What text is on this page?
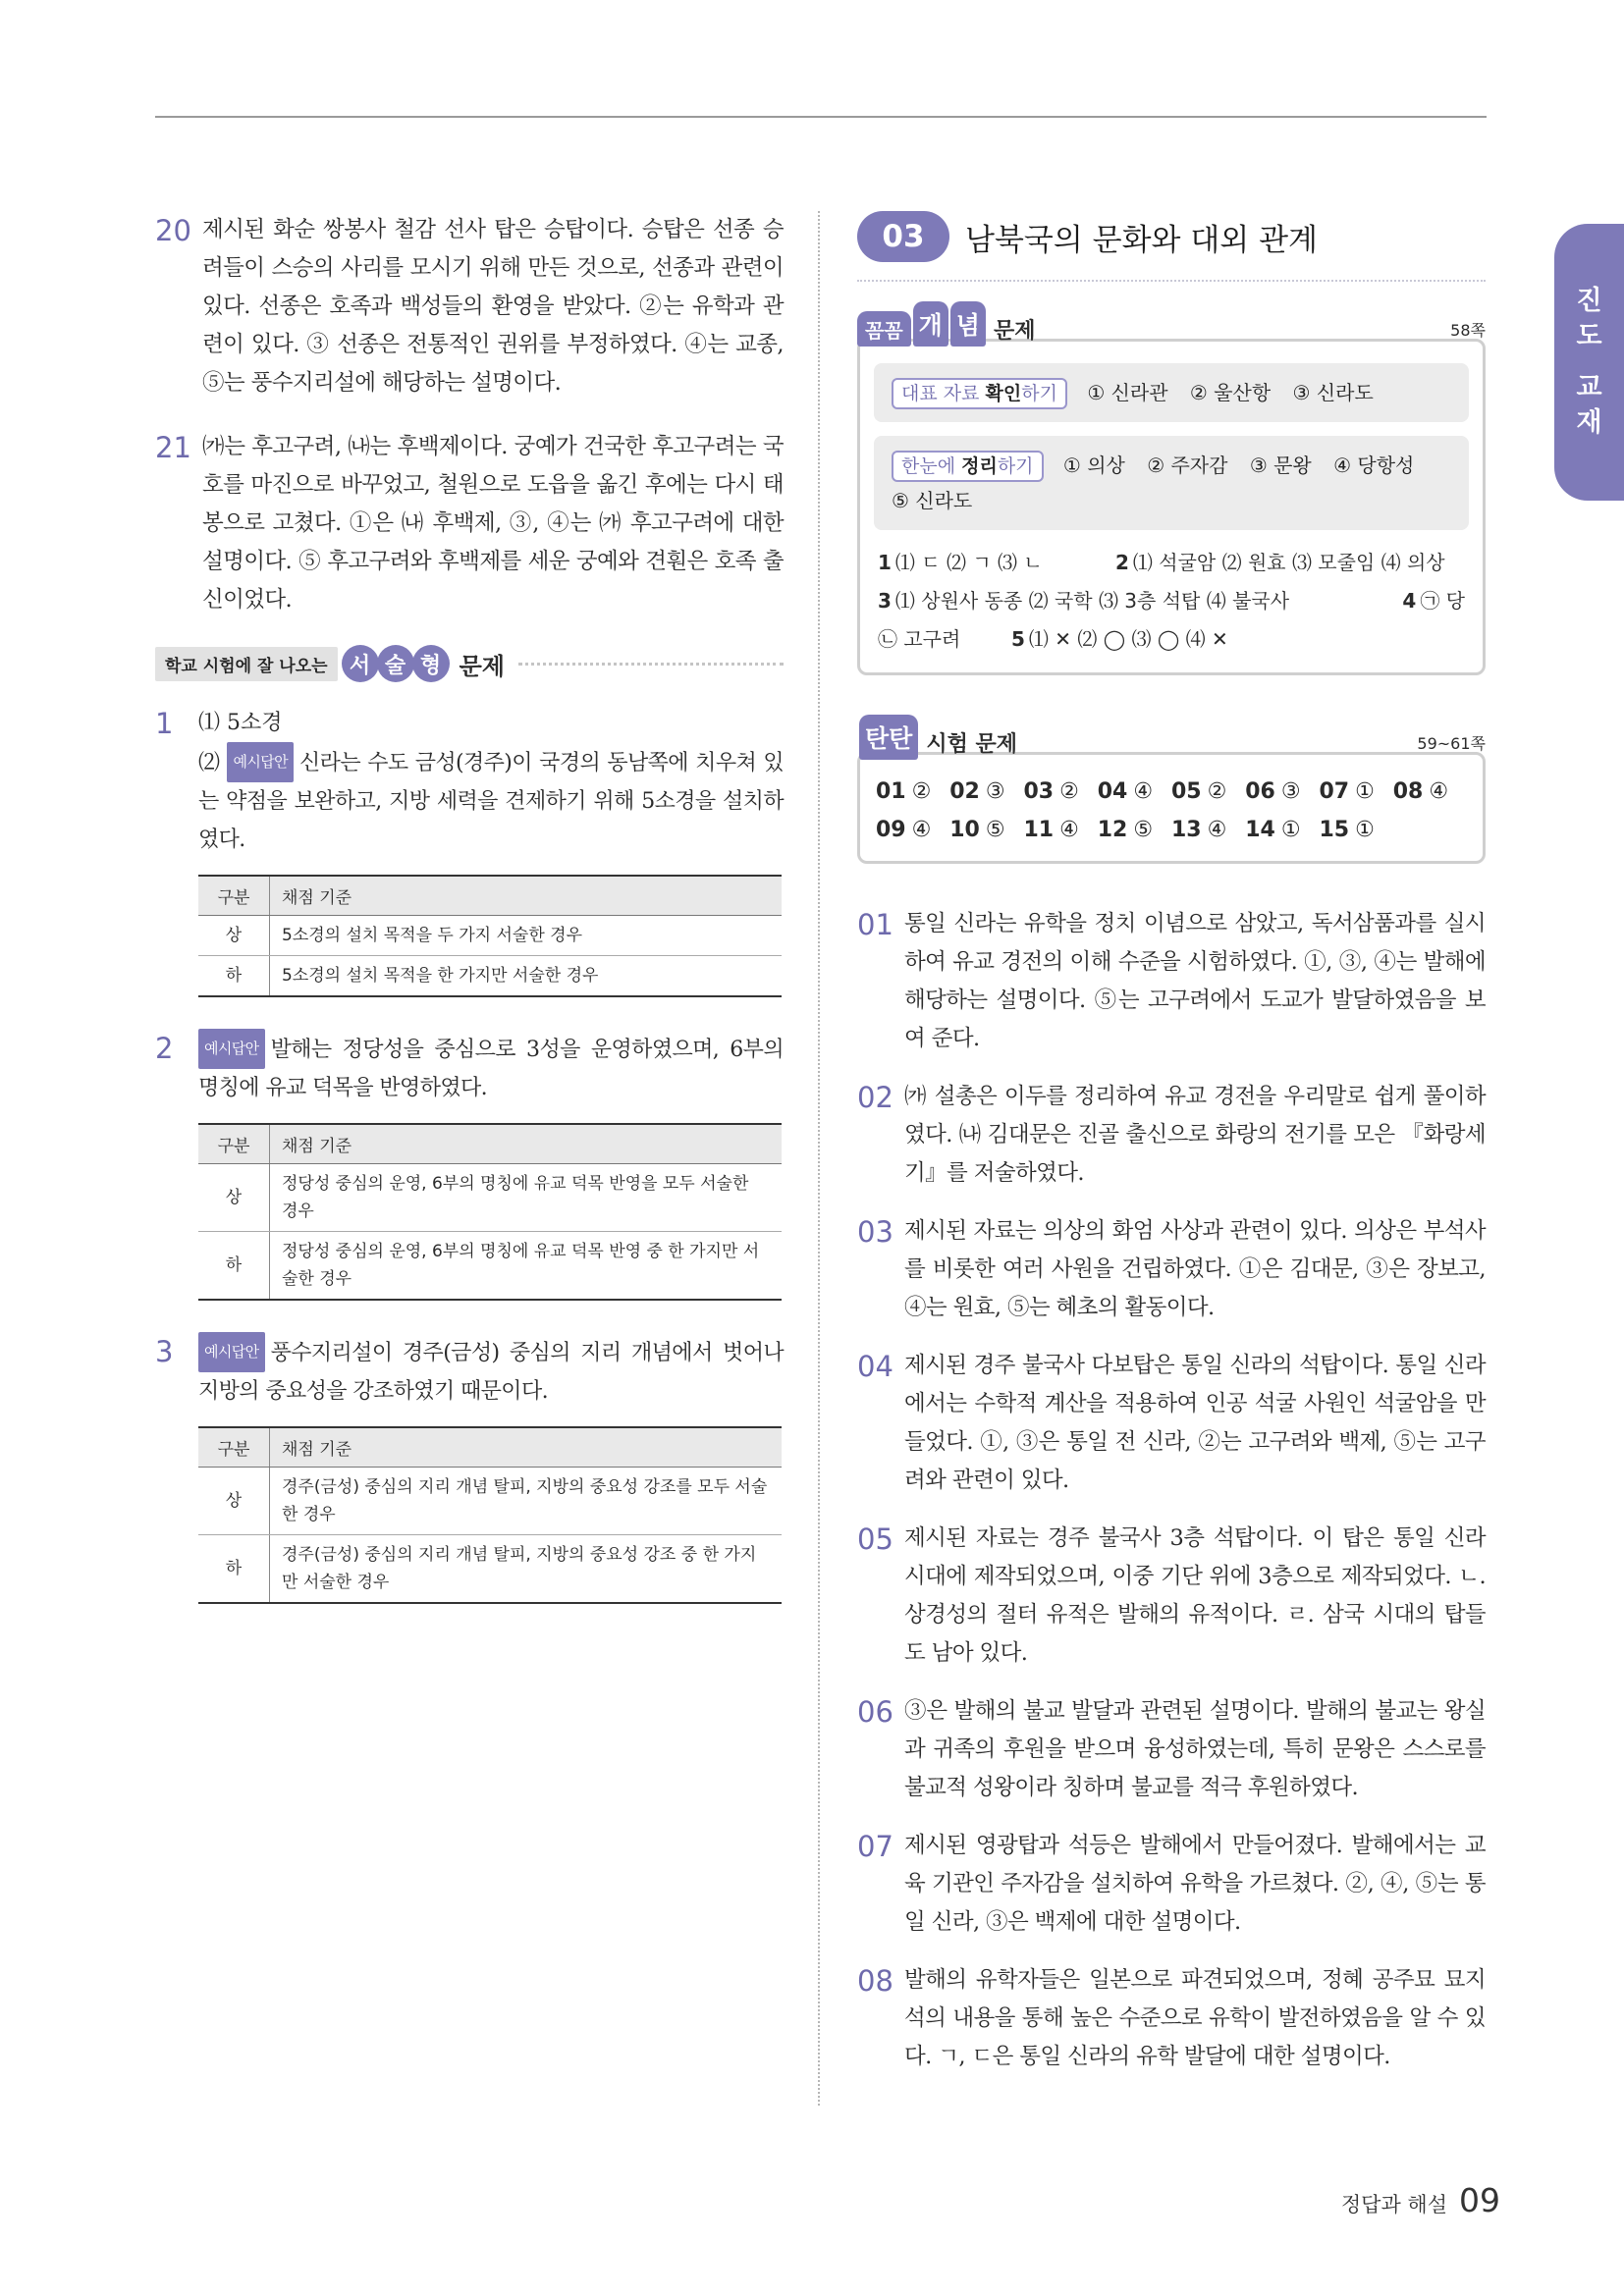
진
도
교
재
20 제시된 화순 쌍봉사 철감 선사 탑은 승탑이다. 승탑은 선종 승려들이 스승의 사리를 모시기 위해 만든 것으로, 선종과 관련이 있다. 선종은 호족과 백성들의 환영을 받았다. ②는 유학과 관련이 있다. ③ 선종은 전통적인 권위를 부정하였다. ④는 교종, ⑤는 풍수지리설에 해당하는 설명이다.
21 ㈎는 후고구려, ㈏는 후백제이다. 궁예가 건국한 후고구려는 국호를 마진으로 바꾸었고, 철원으로 도읍을 옮긴 후에는 다시 태봉으로 고쳤다. ①은 ㈏ 후백제, ③, ④는 ㈎ 후고구려에 대한 설명이다. ⑤ 후고구려와 후백제를 세운 궁예와 견훤은 호족 출신이었다.
학교 시험에 잘 나오는	서 술 형 문제
1	⑴ 5소경
⑵ 예시답안 신라는 수도 금성(경주)이 국경의 동남쪽에 치우쳐 있는 약점을 보완하고, 지방 세력을 견제하기 위해 5소경을 설치하였다.
구분	채점 기준
상	5소경의 설치 목적을 두 가지 서술한 경우
하	5소경의 설치 목적을 한 가지만 서술한 경우
2	예시답안 발해는 정당성을 중심으로 3성을 운영하였으며, 6부의 명칭에 유교 덕목을 반영하였다.
구분	채점 기준
상	정당성 중심의 운영, 6부의 명칭에 유교 덕목 반영을 모두 서술한 경우
하	정당성 중심의 운영, 6부의 명칭에 유교 덕목 반영 중 한 가지만 서술한 경우
3	예시답안 풍수지리설이 경주(금성) 중심의 지리 개념에서 벗어나 지방의 중요성을 강조하였기 때문이다.
구분	채점 기준
상	경주(금성) 중심의 지리 개념 탈피, 지방의 중요성 강조를 모두 서술한 경우
하	경주(금성) 중심의 지리 개념 탈피, 지방의 중요성 강조 중 한 가지만 서술한 경우
03	남북국의 문화와 대외 관계
꼼꼼 개 념 문제	58쪽
대표 자료 확인하기 ① 신라관 ② 울산항 ③ 신라도
한눈에 정리하기 ① 의상 ② 주자감 ③ 문왕 ④ 당항성
⑤ 신라도
1 ⑴ ㄷ ⑵ ㄱ ⑶ ㄴ	2 ⑴ 석굴암 ⑵ 원효 ⑶ 모줄임 ⑷ 의상
3 ⑴ 상원사 동종 ⑵ 국학 ⑶ 3층 석탑 ⑷ 불국사	4 ㉠ 당
㉡ 고구려	5 ⑴ ✕ ⑵ ◯ ⑶ ◯ ⑷ ✕
탄탄 시험 문제	59~61쪽
01 ② 02 ③ 03 ② 04 ④ 05 ② 06 ③ 07 ① 08 ④
09 ④ 10 ⑤ 11 ④ 12 ⑤ 13 ④ 14 ① 15 ①
01 통일 신라는 유학을 정치 이념으로 삼았고, 독서삼품과를 실시하여 유교 경전의 이해 수준을 시험하였다. ①, ③, ④는 발해에 해당하는 설명이다. ⑤는 고구려에서 도교가 발달하였음을 보여 준다.
02 ㈎ 설총은 이두를 정리하여 유교 경전을 우리말로 쉽게 풀이하였다. ㈏ 김대문은 진골 출신으로 화랑의 전기를 모은 『화랑세기』를 저술하였다.
03 제시된 자료는 의상의 화엄 사상과 관련이 있다. 의상은 부석사를 비롯한 여러 사원을 건립하였다. ①은 김대문, ③은 장보고, ④는 원효, ⑤는 혜초의 활동이다.
04 제시된 경주 불국사 다보탑은 통일 신라의 석탑이다. 통일 신라에서는 수학적 계산을 적용하여 인공 석굴 사원인 석굴암을 만들었다. ①, ③은 통일 전 신라, ②는 고구려와 백제, ⑤는 고구려와 관련이 있다.
05 제시된 자료는 경주 불국사 3층 석탑이다. 이 탑은 통일 신라 시대에 제작되었으며, 이중 기단 위에 3층으로 제작되었다. ㄴ. 상경성의 절터 유적은 발해의 유적이다. ㄹ. 삼국 시대의 탑들도 남아 있다.
06 ③은 발해의 불교 발달과 관련된 설명이다. 발해의 불교는 왕실과 귀족의 후원을 받으며 융성하였는데, 특히 문왕은 스스로를 불교적 성왕이라 칭하며 불교를 적극 후원하였다.
07 제시된 영광탑과 석등은 발해에서 만들어졌다. 발해에서는 교육 기관인 주자감을 설치하여 유학을 가르쳤다. ②, ④, ⑤는 통일 신라, ③은 백제에 대한 설명이다.
08 발해의 유학자들은 일본으로 파견되었으며, 정혜 공주묘 묘지석의 내용을 통해 높은 수준으로 유학이 발전하였음을 알 수 있다. ㄱ, ㄷ은 통일 신라의 유학 발달에 대한 설명이다.
정답과 해설 09
